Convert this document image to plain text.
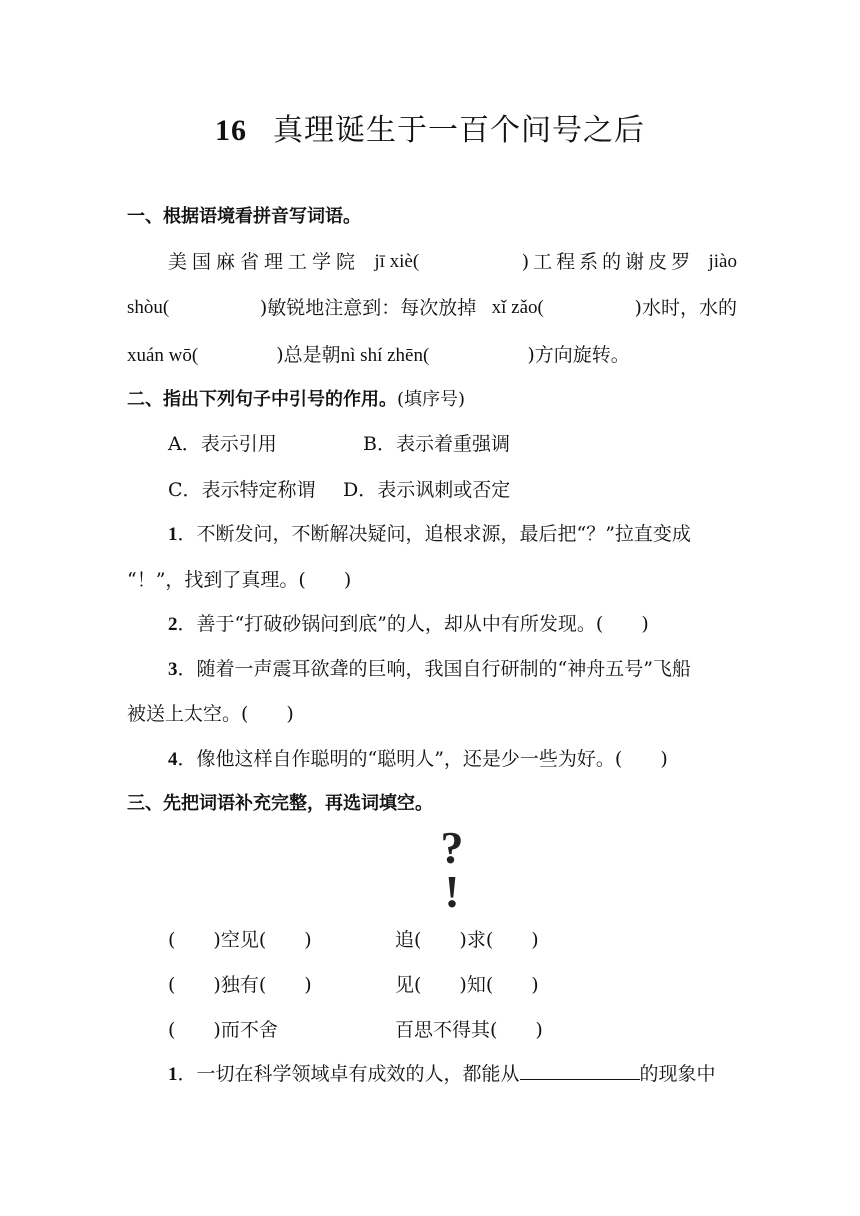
16 真理诞生于一百个问号之后
一、根据语境看拼音写词语。
美国麻省理工学院 jī xiè(	)工程系的谢皮罗 jiào
shòu(	)敏锐地注意到：每次放掉 xǐ zǎo(	)水时，水的
xuán wō(	)总是朝nì shí zhēn(	)方向旋转。
二、指出下列句子中引号的作用。(填序号)
A．表示引用	B．表示着重强调
C．表示特定称谓 D．表示讽刺或否定
1．不断发问，不断解决疑问，追根求源，最后把“？”拉直变成
“！”，找到了真理。(　　)
2．善于“打破砂锅问到底”的人，却从中有所发现。(　　)
3．随着一声震耳欲聋的巨响，我国自行研制的“神舟五号”飞船
被送上太空。(　　)
4．像他这样自作聪明的“聪明人”，还是少一些为好。(　　)
三、先把词语补充完整，再选词填空。
?
!
(　　)空见(　　)	追(　　)求(　　)
(　　)独有(　　)	见(　　)知(　　)
(　　)而不舍	百思不得其(　　)
1．一切在科学领域卓有成效的人，都能从	的现象中
